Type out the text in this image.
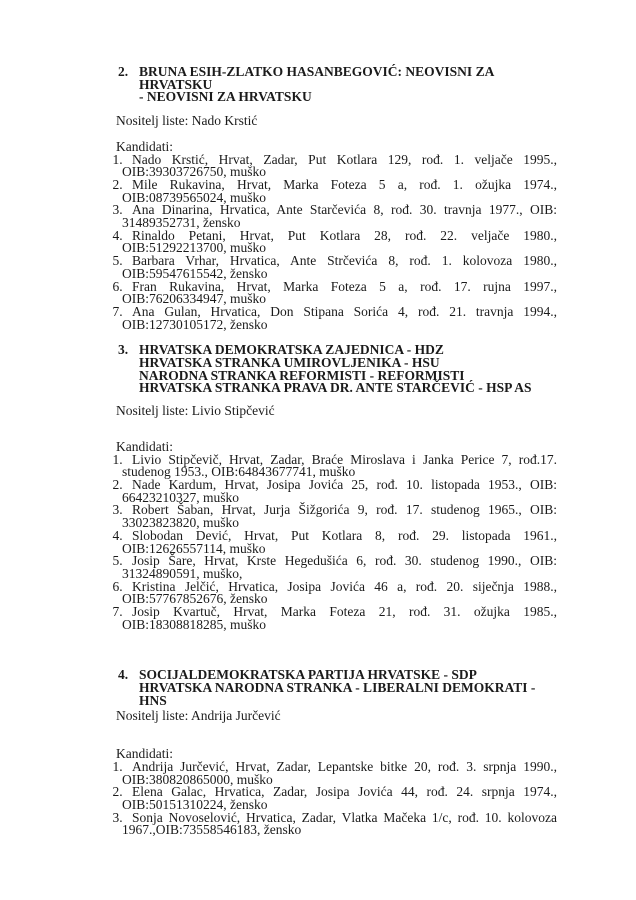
2. BRUNA ESIH-ZLATKO HASANBEGOVIĆ: NEOVISNI ZA HRVATSKU
- NEOVISNI ZA HRVATSKU
Nositelj liste: Nado Krstić
Kandidati:
1. Nado Krstić, Hrvat, Zadar, Put Kotlara 129, rođ. 1. veljače 1995., OIB:39303726750, muško
2. Mile Rukavina, Hrvat, Marka Foteza 5 a, rođ. 1. ožujka 1974., OIB:08739565024, muško
3. Ana Dinarina, Hrvatica, Ante Starčevića 8, rođ. 30. travnja 1977., OIB: 31489352731, žensko
4. Rinaldo Petani, Hrvat, Put Kotlara 28, rođ. 22. veljače 1980., OIB:51292213700, muško
5. Barbara Vrhar, Hrvatica, Ante Strčevića 8, rođ. 1. kolovoza 1980., OIB:59547615542, žensko
6. Fran Rukavina, Hrvat, Marka Foteza 5 a, rođ. 17. rujna 1997., OIB:76206334947, muško
7. Ana Gulan, Hrvatica, Don Stipana Sorića 4, rođ. 21. travnja 1994., OIB:12730105172, žensko
3. HRVATSKA DEMOKRATSKA ZAJEDNICA - HDZ
HRVATSKA STRANKA UMIROVLJENIKA - HSU
NARODNA STRANKA REFORMISTI - REFORMISTI
HRVATSKA STRANKA PRAVA DR. ANTE STARČEVIĆ - HSP AS
Nositelj liste: Livio Stipčević
Kandidati:
1. Livio Stipčevič, Hrvat, Zadar, Braće Miroslava i Janka Perice 7, rođ.17. studenog 1953., OIB:64843677741, muško
2. Nade Kardum, Hrvat, Josipa Jovića 25, rođ. 10. listopada 1953., OIB: 66423210327, muško
3. Robert Šaban, Hrvat, Jurja Šižgorića 9, rođ. 17. studenog 1965., OIB: 33023823820, muško
4. Slobodan Dević, Hrvat, Put Kotlara 8, rođ. 29. listopada 1961., OIB:12626557114, muško
5. Josip Šare, Hrvat, Krste Hegedušića 6, rođ. 30. studenog 1990., OIB: 31324890591, muško,
6. Kristina Jelčić, Hrvatica, Josipa Jovića 46 a, rođ. 20. siječnja 1988., OIB:57767852676, žensko
7. Josip Kvartuč, Hrvat, Marka Foteza 21, rođ. 31. ožujka 1985., OIB:18308818285, muško
4. SOCIJALDEMOKRATSKA PARTIJA HRVATSKE - SDP
HRVATSKA NARODNA STRANKA - LIBERALNI DEMOKRATI - HNS
Nositelj liste: Andrija Jurčević
Kandidati:
1. Andrija Jurčević, Hrvat, Zadar, Lepantske bitke 20, rođ. 3. srpnja 1990., OIB:380820865000, muško
2. Elena Galac, Hrvatica, Zadar, Josipa Jovića 44, rođ. 24. srpnja 1974., OIB:50151310224, žensko
3. Sonja Novoselović, Hrvatica, Zadar, Vlatka Mačeka 1/c, rođ. 10. kolovoza 1967.,OIB:73558546183, žensko
